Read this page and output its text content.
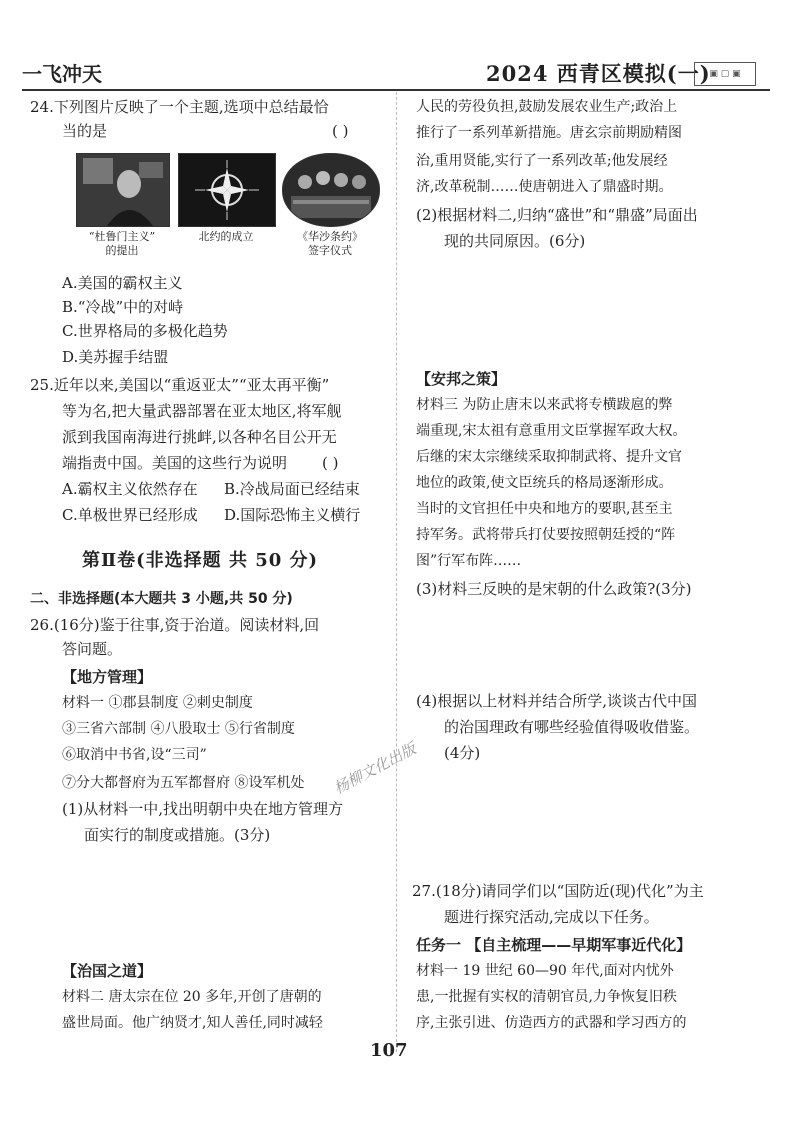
一飞冲天	2024 西青区模拟(一)
▣ ▢ ▣
24.下列图片反映了一个主题,选项中总结最恰
当的是	( )
“杜鲁门主义”
的提出
北约的成立	《华沙条约》
签字仪式
A.美国的霸权主义
B.“冷战”中的对峙
C.世界格局的多极化趋势
D.美苏握手结盟
25.近年以来,美国以“重返亚太”“亚太再平衡”
等为名,把大量武器部署在亚太地区,将军舰
派到我国南海进行挑衅,以各种名目公开无
端指责中国。美国的这些行为说明 ( )
A.霸权主义依然存在 B.冷战局面已经结束
C.单极世界已经形成 D.国际恐怖主义横行
第Ⅱ卷(非选择题 共 50 分)
二、非选择题(本大题共 3 小题,共 50 分)
26.(16分)鉴于往事,资于治道。阅读材料,回
答问题。
【地方管理】
材料一 ①郡县制度 ②刺史制度
③三省六部制 ④八股取士 ⑤行省制度
⑥取消中书省,设“三司”
⑦分大都督府为五军都督府 ⑧设军机处
(1)从材料一中,找出明朝中央在地方管理方
面实行的制度或措施。(3分)
【治国之道】
材料二 唐太宗在位 20 多年,开创了唐朝的
盛世局面。他广纳贤才,知人善任,同时减轻
107
人民的劳役负担,鼓励发展农业生产;政治上
推行了一系列革新措施。唐玄宗前期励精图
治,重用贤能,实行了一系列改革;他发展经
济,改革税制……使唐朝进入了鼎盛时期。
(2)根据材料二,归纳“盛世”和“鼎盛”局面出
现的共同原因。(6分)
【安邦之策】
材料三 为防止唐末以来武将专横跋扈的弊
端重现,宋太祖有意重用文臣掌握军政大权。
后继的宋太宗继续采取抑制武将、提升文官
地位的政策,使文臣统兵的格局逐渐形成。
当时的文官担任中央和地方的要职,甚至主
持军务。武将带兵打仗要按照朝廷授的“阵
图”行军布阵……
(3)材料三反映的是宋朝的什么政策?(3分)
(4)根据以上材料并结合所学,谈谈古代中国
的治国理政有哪些经验值得吸收借鉴。
(4分)
杨柳文化出版
27.(18分)请同学们以“国防近(现)代化”为主
题进行探究活动,完成以下任务。
任务一 【自主梳理——早期军事近代化】
材料一 19 世纪 60—90 年代,面对内忧外
患,一批握有实权的清朝官员,力争恢复旧秩
序,主张引进、仿造西方的武器和学习西方的
